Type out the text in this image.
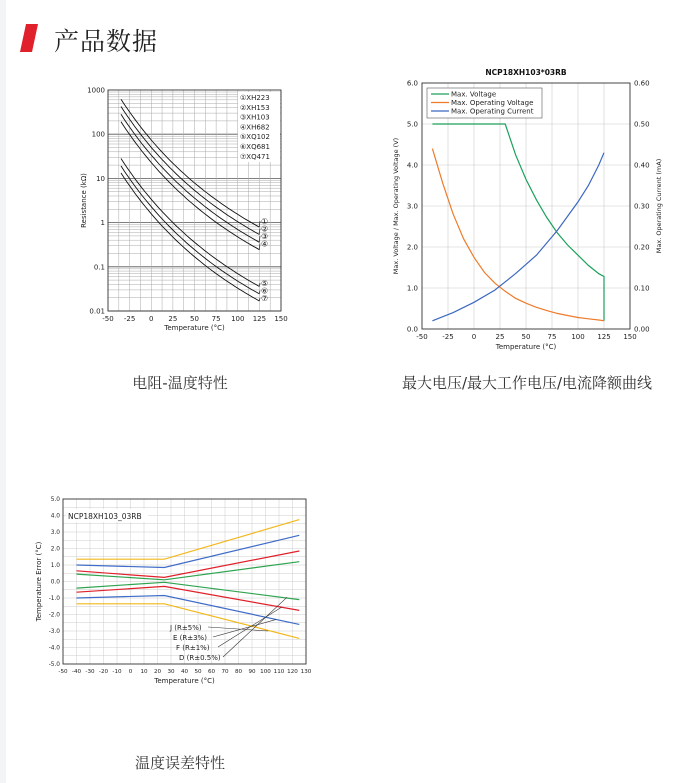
产品数据
-50 -25 0 25 50 75 100 125 150
0.01
0.1
1
10
100
1000
Temperature (°C)
Resistance (kΩ)
①XH223
②XH153
③XH103
④XH682
⑤XQ102
⑥XQ681
⑦XQ471
①
②
③
④
⑤
⑥
⑦
电阻-温度特性
NCP18XH103*03RB
-50 -25	0	25 50 75 100 125 150
0.0
1.0
2.0
3.0
4.0
5.0
6.0
0.00
0.10
0.20
0.30
0.40
0.50
0.60
Temperature (°C)
Max. Voltage / Max. Operating Voltage (V)	Max. Operating Current (mA)
Max. Voltage
Max. Operating Voltage
Max. Operating Current
最大电压/最大工作电压/电流降额曲线
NCP18XH103_03RB
-50 -40 -30 -20 -10 0 10 20 30 40 50 60 70 80 90 100 110 120 130
-5.0
-4.0
-3.0
-2.0
-1.0
0.0
1.0
2.0
3.0
4.0
5.0
Temperature (°C)
Temperature Error (°C)
J (R±5%)
E (R±3%)
F (R±1%)
D (R±0.5%)
温度误差特性
